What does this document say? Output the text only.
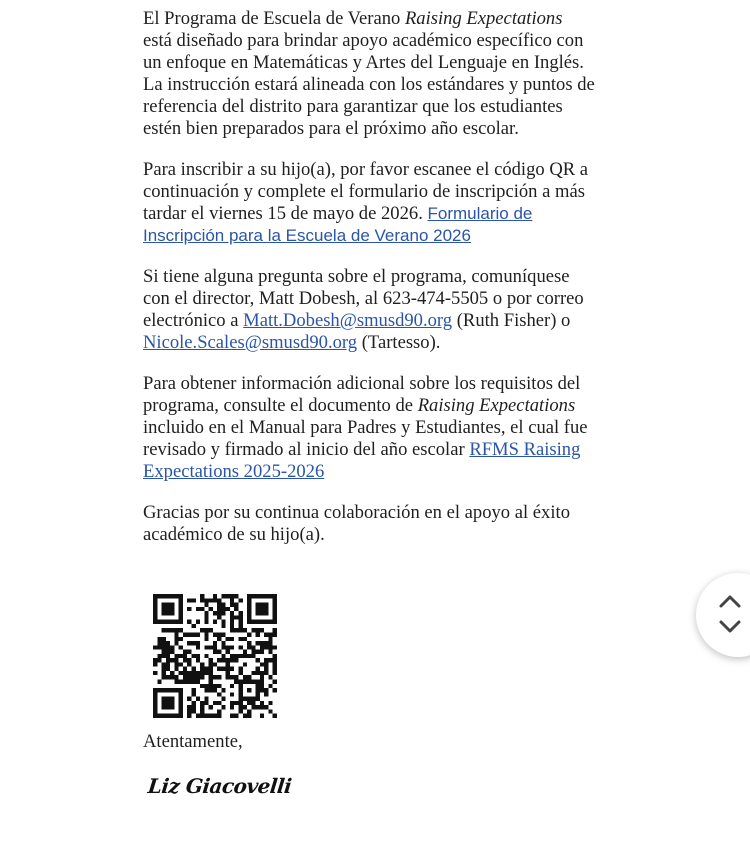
El Programa de Escuela de Verano Raising Expectations está diseñado para brindar apoyo académico específico con un enfoque en Matemáticas y Artes del Lenguaje en Inglés. La instrucción estará alineada con los estándares y puntos de referencia del distrito para garantizar que los estudiantes estén bien preparados para el próximo año escolar.

Para inscribir a su hijo(a), por favor escanee el código QR a continuación y complete el formulario de inscripción a más tardar el viernes 15 de mayo de 2026. Formulario de Inscripción para la Escuela de Verano 2026

Si tiene alguna pregunta sobre el programa, comuníquese con el director, Matt Dobesh, al 623-474-5505 o por correo electrónico a Matt.Dobesh@smusd90.org (Ruth Fisher) o Nicole.Scales@smusd90.org (Tartesso).

Para obtener información adicional sobre los requisitos del programa, consulte el documento de Raising Expectations incluido en el Manual para Padres y Estudiantes, el cual fue revisado y firmado al inicio del año escolar RFMS Raising Expectations 2025-2026

Gracias por su continua colaboración en el apoyo al éxito académico de su hijo(a).

Atentamente,
Liz Giacovelli
